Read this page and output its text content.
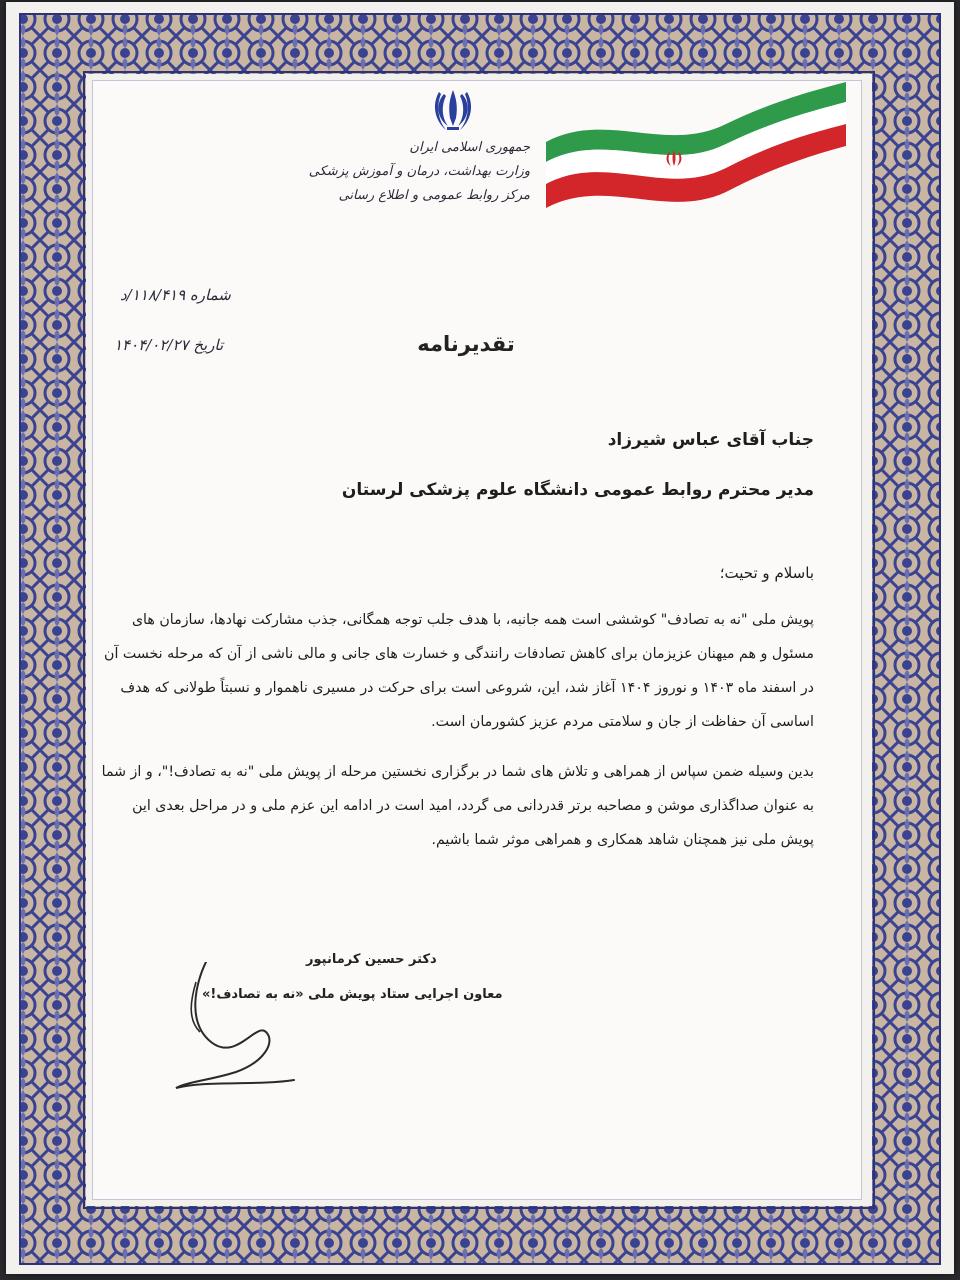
جمهوری اسلامی ایران
وزارت بهداشت، درمان و آموزش پزشکی
مرکز روابط عمومی و اطلاع رسانی
شماره ۱۱۸/۴۱۹/د
تاریخ ۱۴۰۴/۰۲/۲۷	تقدیرنامه
جناب آقای عباس شیرزاد
مدیر محترم روابط عمومی دانشگاه علوم پزشکی لرستان
باسلام و تحیت؛
پویش ملی "نه به تصادف" کوششی است همه جانبه، با هدف جلب توجه همگانی، جذب مشارکت نهادها، سازمان های
مسئول و هم میهنان عزیزمان برای کاهش تصادفات رانندگی و خسارت های جانی و مالی ناشی از آن که مرحله نخست آن
در اسفند ماه ۱۴۰۳ و نوروز ۱۴۰۴ آغاز شد، این، شروعی است برای حرکت در مسیری ناهموار و نسبتاً طولانی که هدف
اساسی آن حفاظت از جان و سلامتی مردم عزیز کشورمان است.
بدین وسیله ضمن سپاس از همراهی و تلاش های شما در برگزاری نخستین مرحله از پویش ملی "نه به تصادف!"، و از شما
به عنوان صداگذاری موشن و مصاحبه برتر قدردانی می گردد، امید است در ادامه این عزم ملی و در مراحل بعدی این
پویش ملی نیز همچنان شاهد همکاری و همراهی موثر شما باشیم.
دکتر حسین کرمانپور
معاون اجرایی ستاد پویش ملی «نه به تصادف!»
